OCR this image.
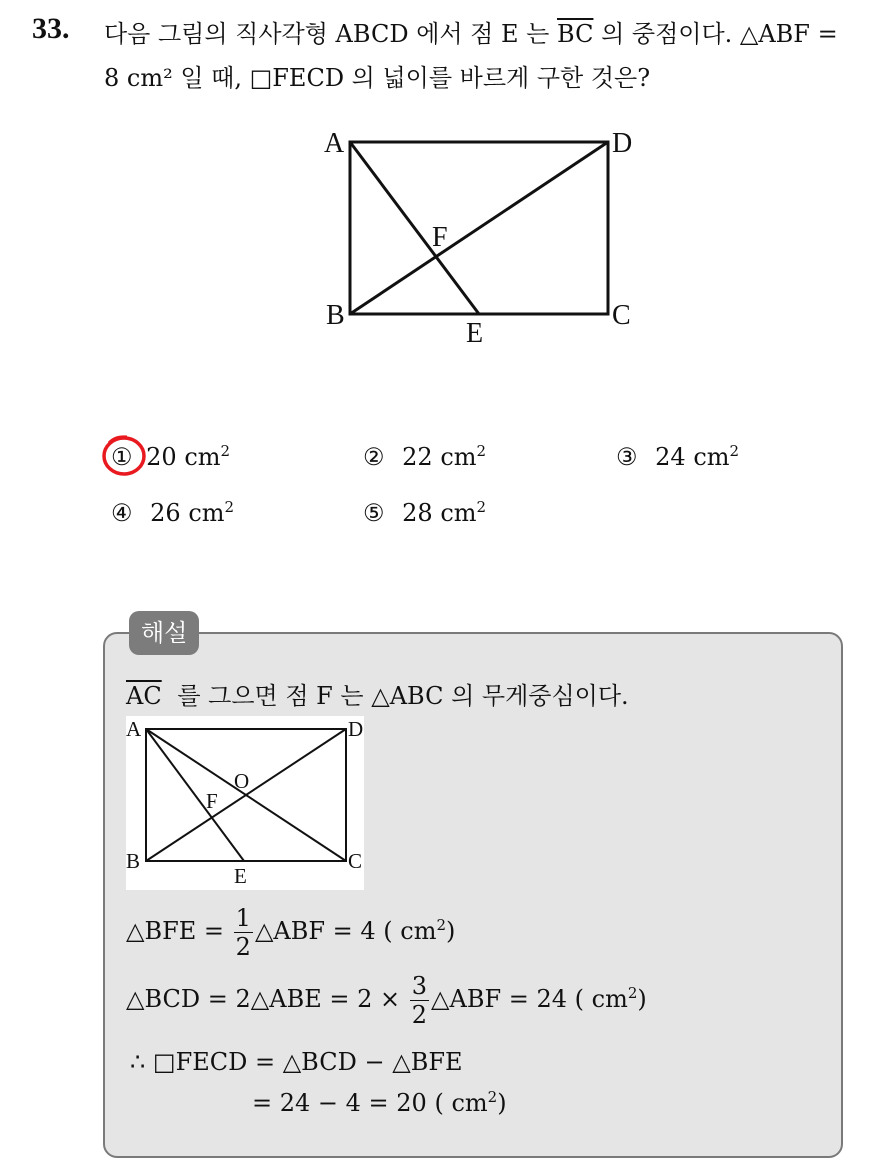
33. 다음 그림의 직사각형 ABCD 에서 점 E 는 $\overline{BC}$ 의 중점이다. △ABF =
8 cm² 일 때, □FECD 의 넓이를 바르게 구한 것은?
A	D
F
B	C
E
① 20 $cm^2$	② 22 $cm^2$	③ 24 $cm^2$
④ 26 $cm^2$	⑤ 28 $cm^2$
해설
$\overline{AC}$ 를 그으면 점 F 는 △ABC 의 무게중심이다.
A	D
O
F
B	C
E
△BFE = $\frac{1}{2}$ △ABF = 4 ( $cm^2$)
△BCD = 2△ABE = $2 \times \frac{3}{2}$ △ABF = 24 ( $cm^2$)
∴ □FECD = △BCD − △BFE
= 24 − 4 = 20 ( $cm^2$)
